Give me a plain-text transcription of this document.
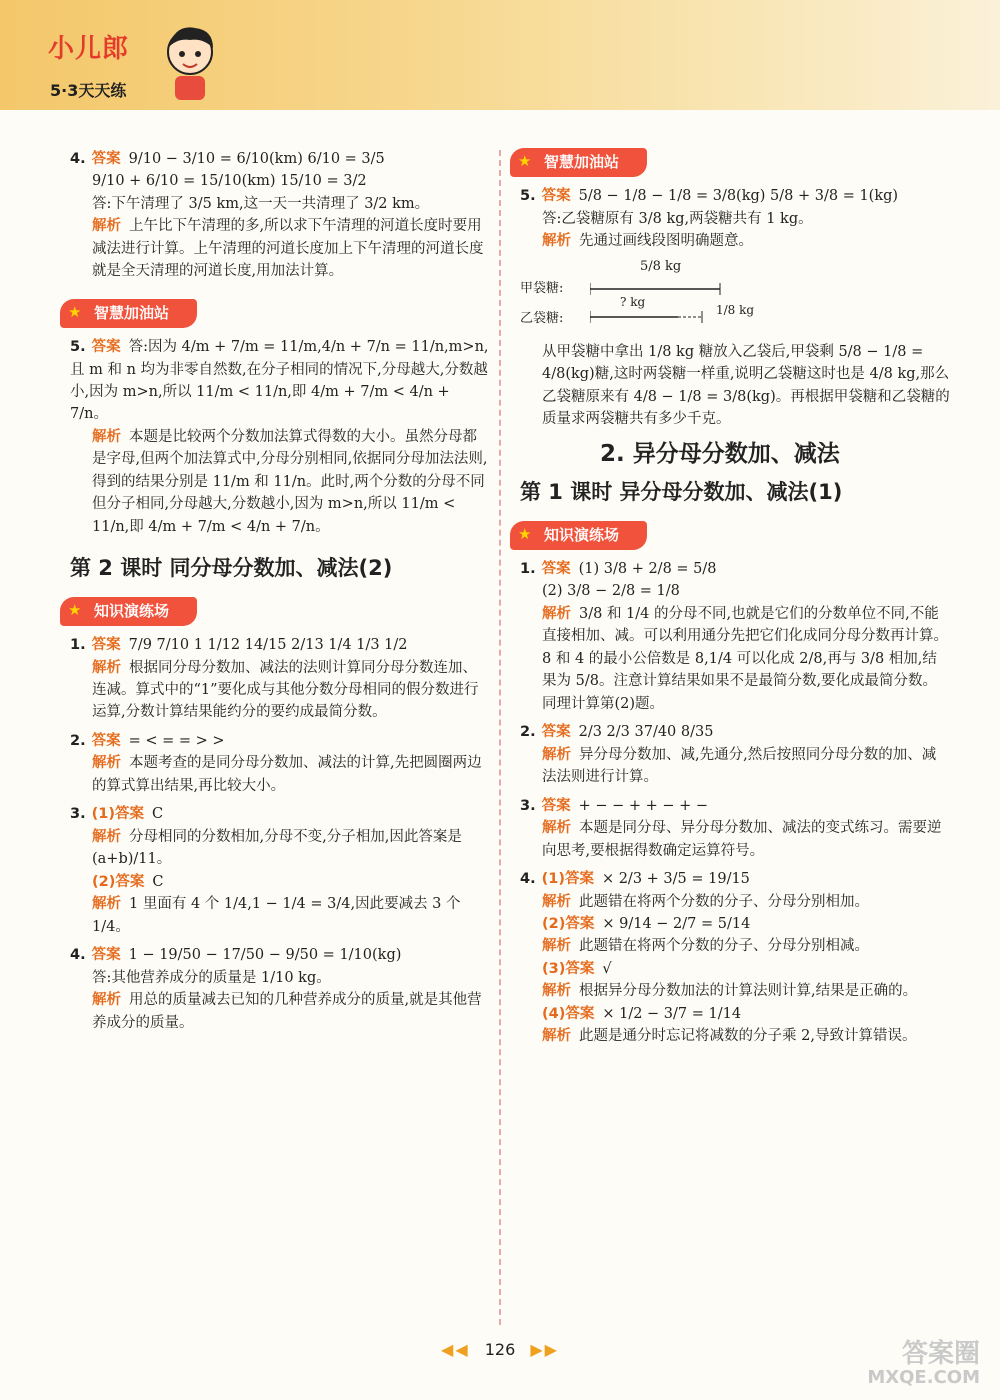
小儿郎
5·3天天练
4. 答案 9/10 − 3/10 = 6/10(km) 6/10 = 3/5
9/10 + 6/10 = 15/10(km) 15/10 = 3/2
答:下午清理了 3/5 km,这一天一共清理了 3/2 km。
解析 上午比下午清理的多,所以求下午清理的河道长度时要用减法进行计算。上午清理的河道长度加上下午清理的河道长度就是全天清理的河道长度,用加法计算。
★ 智慧加油站
5. 答案 答:因为 4/m + 7/m = 11/m,4/n + 7/n = 11/n,m>n,且 m 和 n 均为非零自然数,在分子相同的情况下,分母越大,分数越小,因为 m>n,所以 11/m < 11/n,即 4/m + 7/m < 4/n + 7/n。
解析 本题是比较两个分数加法算式得数的大小。虽然分母都是字母,但两个加法算式中,分母分别相同,依据同分母加法法则,得到的结果分别是 11/m 和 11/n。此时,两个分数的分母不同但分子相同,分母越大,分数越小,因为 m>n,所以 11/m < 11/n,即 4/m + 7/m < 4/n + 7/n。
第 2 课时 同分母分数加、减法(2)
★ 知识演练场
1. 答案 7/9 7/10 1 1/12 14/15 2/13 1/4 1/3 1/2
解析 根据同分母分数加、减法的法则计算同分母分数连加、连减。算式中的“1”要化成与其他分数分母相同的假分数进行运算,分数计算结果能约分的要约成最简分数。
2. 答案 = < = = > >
解析 本题考查的是同分母分数加、减法的计算,先把圆圈两边的算式算出结果,再比较大小。
3. (1)答案 C
解析 分母相同的分数相加,分母不变,分子相加,因此答案是 (a+b)/11。
(2)答案 C
解析 1 里面有 4 个 1/4,1 − 1/4 = 3/4,因此要减去 3 个 1/4。
4. 答案 1 − 19/50 − 17/50 − 9/50 = 1/10(kg)
答:其他营养成分的质量是 1/10 kg。
解析 用总的质量减去已知的几种营养成分的质量,就是其他营养成分的质量。
★ 智慧加油站
5. 答案 5/8 − 1/8 − 1/8 = 3/8(kg) 5/8 + 3/8 = 1(kg)
答:乙袋糖原有 3/8 kg,两袋糖共有 1 kg。
解析 先通过画线段图明确题意。
5/8 kg
甲袋糖:
乙袋糖:
? kg
1/8 kg
从甲袋糖中拿出 1/8 kg 糖放入乙袋后,甲袋剩 5/8 − 1/8 = 4/8(kg)糖,这时两袋糖一样重,说明乙袋糖这时也是 4/8 kg,那么乙袋糖原来有 4/8 − 1/8 = 3/8(kg)。再根据甲袋糖和乙袋糖的质量求两袋糖共有多少千克。
2. 异分母分数加、减法
第 1 课时 异分母分数加、减法(1)
★ 知识演练场
1. 答案 (1) 3/8 + 2/8 = 5/8
(2) 3/8 − 2/8 = 1/8
解析 3/8 和 1/4 的分母不同,也就是它们的分数单位不同,不能直接相加、减。可以利用通分先把它们化成同分母分数再计算。8 和 4 的最小公倍数是 8,1/4 可以化成 2/8,再与 3/8 相加,结果为 5/8。注意计算结果如果不是最简分数,要化成最简分数。同理计算第(2)题。
2. 答案 2/3 2/3 37/40 8/35
解析 异分母分数加、减,先通分,然后按照同分母分数的加、减法法则进行计算。
3. 答案 + − − + + − + −
解析 本题是同分母、异分母分数加、减法的变式练习。需要逆向思考,要根据得数确定运算符号。
4. (1)答案 × 2/3 + 3/5 = 19/15
解析 此题错在将两个分数的分子、分母分别相加。
(2)答案 × 9/14 − 2/7 = 5/14
解析 此题错在将两个分数的分子、分母分别相减。
(3)答案 √
解析 根据异分母分数加法的计算法则计算,结果是正确的。
(4)答案 × 1/2 − 3/7 = 1/14
解析 此题是通分时忘记将减数的分子乘 2,导致计算错误。
◀◀ 126 ▶▶	答案圈
MXQE.COM
